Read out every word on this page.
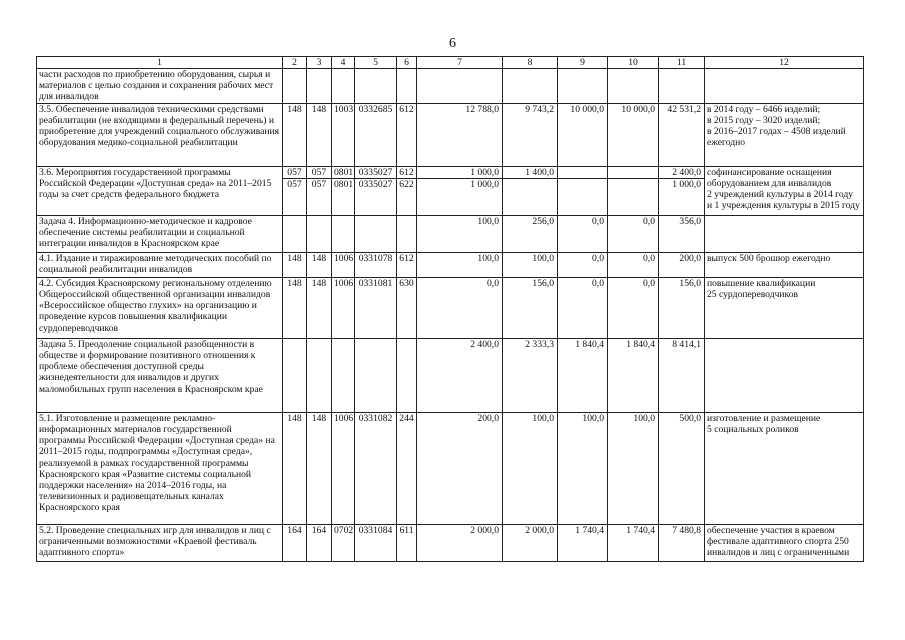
6
1	2	3	4	5	6	7	8	9	10	11	12
части расходов по приобретению оборудования, сырья и материалов с целью создания и сохранения рабочих мест для инвалидов											
3.5. Обеспечение инвалидов техническими средствами реабилитации (не входящими в федеральный перечень) и приобретение для учреждений социального обслуживания оборудования медико-социальной реабилитации	148	148	1003	0332685	612	12 788,0	9 743,2	10 000,0	10 000,0	42 531,2	в 2014 году – 6466 изделий;
в 2015 году – 3020 изделий;
в 2016–2017 годах – 4508 изделий
ежегодно

3.6. Мероприятия государственной программы Российской Федерации «Доступная среда» на 2011–2015 годы за счет средств федерального бюджета	057	057	0801	0335027	612	1 000,0	1 400,0			2 400,0	софинансирование оснащения
оборудованием для инвалидов
2 учреждений культуры в 2014 году
и 1 учреждения культуры в 2015 году

	057	057	0801	0335027	622	1 000,0				1 000,0	
Задача 4. Информационно-методическое и кадровое обеспечение системы реабилитации и социальной интеграции инвалидов в Красноярском крае						100,0	256,0	0,0	0,0	356,0	
4.1. Издание и тиражирование методических пособий по социальной реабилитации инвалидов	148	148	1006	0331078	612	100,0	100,0	0,0	0,0	200,0	выпуск 500 брошюр ежегодно

4.2. Субсидия Красноярскому региональному отделению Общероссийской общественной организации инвалидов «Всероссийское общество глухих» на организацию и проведение курсов повышения квалификации сурдопереводчиков	148	148	1006	0331081	630	0,0	156,0	0,0	0,0	156,0	повышение квалификации
25 сурдопереводчиков

Задача 5. Преодоление социальной разобщенности в обществе и формирование позитивного отношения к проблеме обеспечения доступной среды жизнедеятельности для инвалидов и других маломобильных групп населения в Красноярском крае						2 400,0	2 333,3	1 840,4	1 840,4	8 414,1	
5.1. Изготовление и размещение рекламно-информационных материалов государственной программы Российской Федерации «Доступная среда» на 2011–2015 годы, подпрограммы «Доступная среда», реализуемой в рамках государственной программы Красноярского края «Развитие системы социальной поддержки населения» на 2014–2016 годы, на телевизионных и радиовещательных каналах Красноярского края	148	148	1006	0331082	244	200,0	100,0	100,0	100,0	500,0	изготовление и размещение
5 социальных роликов

5.2. Проведение специальных игр для инвалидов и лиц с ограниченными возможностями «Краевой фестиваль адаптивного спорта»	164	164	0702	0331084	611	2 000,0	2 000,0	1 740,4	1 740,4	7 480,8	обеспечение участия в краевом
фестивале адаптивного спорта 250
инвалидов и лиц с ограниченными
